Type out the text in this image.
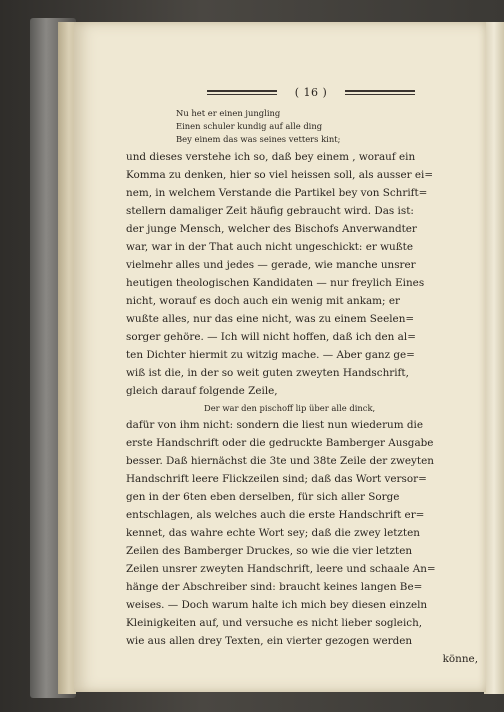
( 16 )
Nu het er einen jungling
Einen schuler kundig auf alle ding
Bey einem das was seines vetters kint;
und dieses verstehe ich so, daß bey einem , worauf ein
Komma zu denken, hier so viel heissen soll, als ausser ei=
nem, in welchem Verstande die Partikel bey von Schrift=
stellern damaliger Zeit häufig gebraucht wird. Das ist:
der junge Mensch, welcher des Bischofs Anverwandter
war, war in der That auch nicht ungeschickt: er wußte
vielmehr alles und jedes — gerade, wie manche unsrer
heutigen theologischen Kandidaten — nur freylich Eines
nicht, worauf es doch auch ein wenig mit ankam; er
wußte alles, nur das eine nicht, was zu einem Seelen=
sorger gehöre. — Ich will nicht hoffen, daß ich den al=
ten Dichter hiermit zu witzig mache. — Aber ganz ge=
wiß ist die, in der so weit guten zweyten Handschrift,
gleich darauf folgende Zeile,
Der war den pischoff lip über alle dinck,
dafür von ihm nicht: sondern die liest nun wiederum die
erste Handschrift oder die gedruckte Bamberger Ausgabe
besser. Daß hiernächst die 3te und 38te Zeile der zweyten
Handschrift leere Flickzeilen sind; daß das Wort versor=
gen in der 6ten eben derselben, für sich aller Sorge
entschlagen, als welches auch die erste Handschrift er=
kennet, das wahre echte Wort sey; daß die zwey letzten
Zeilen des Bamberger Druckes, so wie die vier letzten
Zeilen unsrer zweyten Handschrift, leere und schaale An=
hänge der Abschreiber sind: braucht keines langen Be=
weises. — Doch warum halte ich mich bey diesen einzeln
Kleinigkeiten auf, und versuche es nicht lieber sogleich,
wie aus allen drey Texten, ein vierter gezogen werden
könne,
